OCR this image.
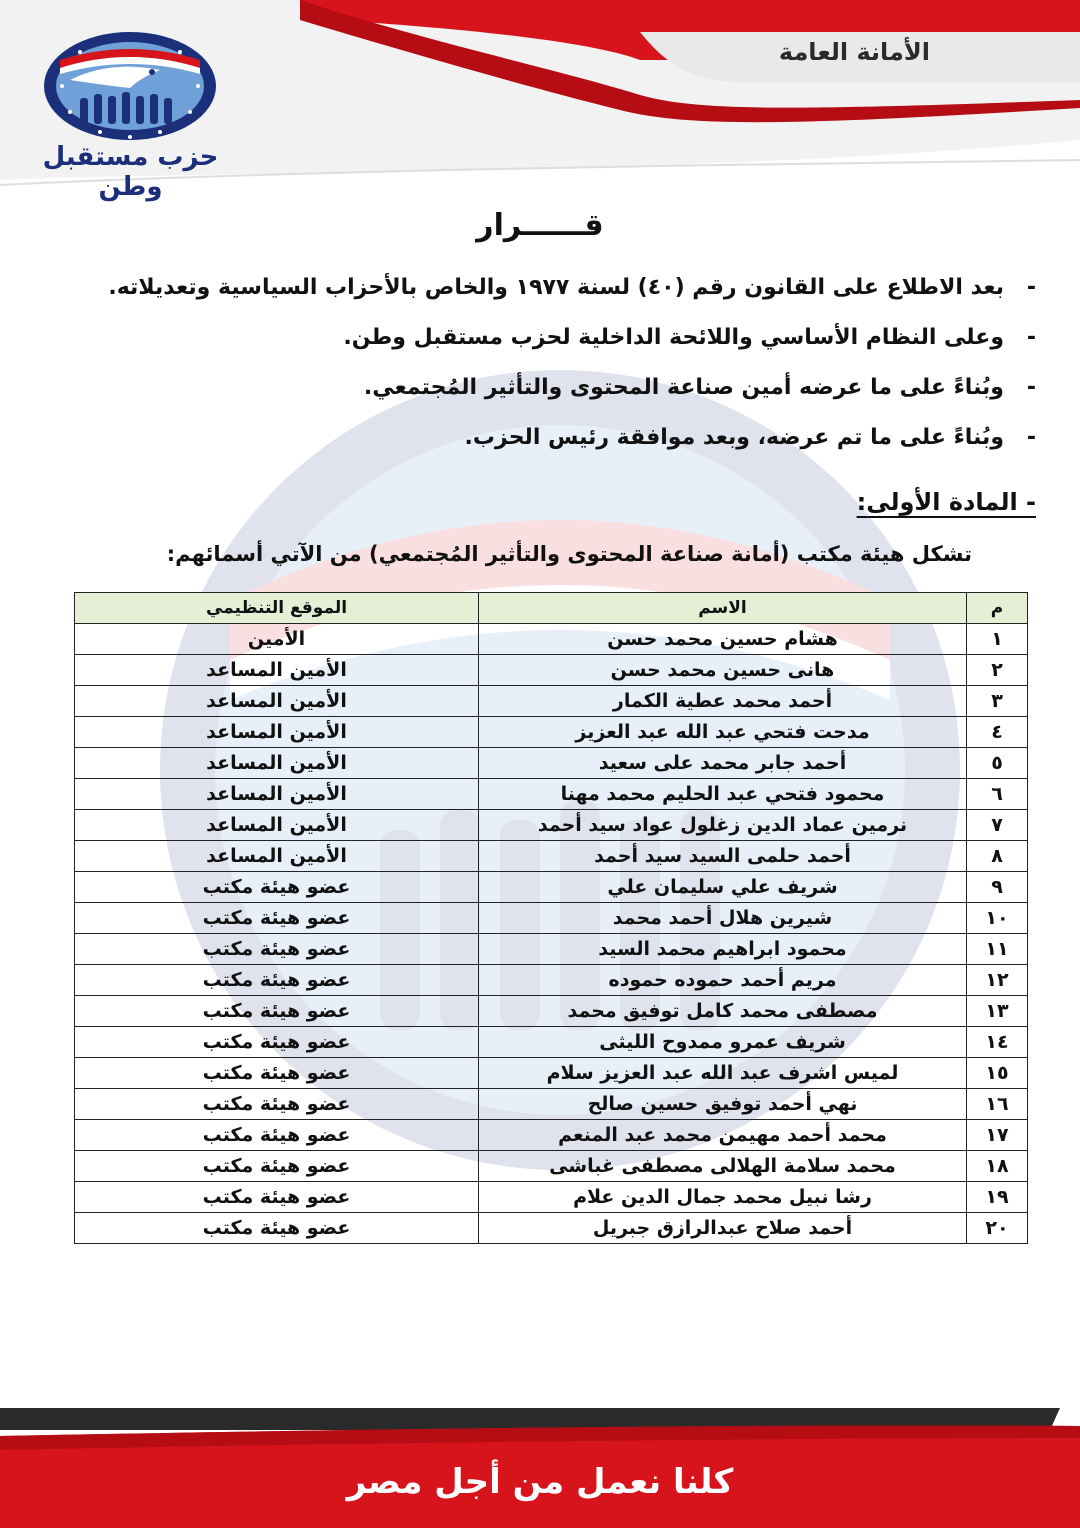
الأمانة العامة
حزب مستقبل وطن
قــــــرار
-
بعد الاطلاع على القانون رقم (٤٠) لسنة ١٩٧٧ والخاص بالأحزاب السياسية وتعديلاته.
-
وعلى النظام الأساسي واللائحة الداخلية لحزب مستقبل وطن.
-
وبُناءً على ما عرضه أمين صناعة المحتوى والتأثير المُجتمعي.
-
وبُناءً على ما تم عرضه، وبعد موافقة رئيس الحزب.
- المادة الأولى:
تشكل هيئة مكتب (أمانة صناعة المحتوى والتأثير المُجتمعي) من الآتي أسمائهم:
م	الاسم	الموقع التنظيمي
١	هشام حسين محمد حسن	الأمين
٢	هانى حسين محمد حسن	الأمين المساعد
٣	أحمد محمد عطية الكمار	الأمين المساعد
٤	مدحت فتحي عبد الله عبد العزيز	الأمين المساعد
٥	أحمد جابر محمد على سعيد	الأمين المساعد
٦	محمود فتحي عبد الحليم محمد مهنا	الأمين المساعد
٧	نرمين عماد الدين زغلول عواد سيد أحمد	الأمين المساعد
٨	أحمد حلمى السيد سيد أحمد	الأمين المساعد
٩	شريف علي سليمان علي	عضو هيئة مكتب
١٠	شيرين هلال أحمد محمد	عضو هيئة مكتب
١١	محمود ابراهيم محمد السيد	عضو هيئة مكتب
١٢	مريم أحمد حموده حموده	عضو هيئة مكتب
١٣	مصطفى محمد كامل توفيق محمد	عضو هيئة مكتب
١٤	شريف عمرو ممدوح الليثى	عضو هيئة مكتب
١٥	لميس اشرف عبد الله عبد العزيز سلام	عضو هيئة مكتب
١٦	نهي أحمد توفيق حسين صالح	عضو هيئة مكتب
١٧	محمد أحمد مهيمن محمد عبد المنعم	عضو هيئة مكتب
١٨	محمد سلامة الهلالى مصطفى غباشى	عضو هيئة مكتب
١٩	رشا نبيل محمد جمال الدين علام	عضو هيئة مكتب
٢٠	أحمد صلاح عبدالرازق جبريل	عضو هيئة مكتب
كلنا نعمل من أجل مصر
